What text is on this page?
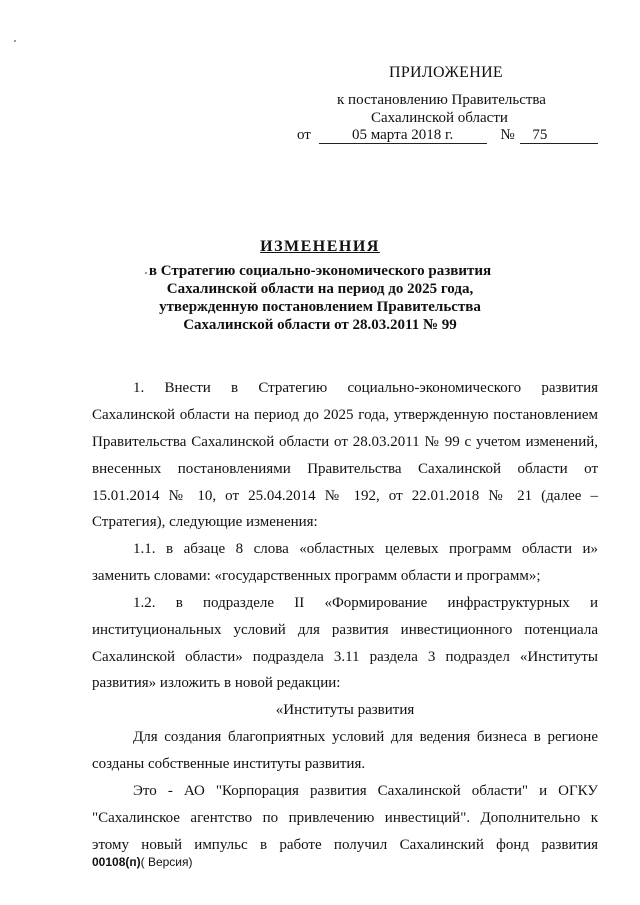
ПРИЛОЖЕНИЕ
к постановлению Правительства
Сахалинской области
от	05 марта 2018 г.	№ 75
ИЗМЕНЕНИЯ
в Стратегию социально-экономического развития
Сахалинской области на период до 2025 года,
утвержденную постановлением Правительства
Сахалинской области от 28.03.2011 № 99
1. Внести в Стратегию социально-экономического развития
Сахалинской области на период до 2025 года, утвержденную постановлением
Правительства Сахалинской области от 28.03.2011 № 99 с учетом изменений,
внесенных постановлениями Правительства Сахалинской области от
15.01.2014 № 10, от 25.04.2014 № 192, от 22.01.2018 № 21 (далее –
Стратегия), следующие изменения:
1.1. в абзаце 8 слова «областных целевых программ области и»
заменить словами: «государственных программ области и программ»;
1.2. в подразделе II «Формирование инфраструктурных и
институциональных условий для развития инвестиционного потенциала
Сахалинской области» подраздела 3.11 раздела 3 подраздел «Институты
развития» изложить в новой редакции:
«Институты развития
Для создания благоприятных условий для ведения бизнеса в регионе
созданы собственные институты развития.
Это - АО "Корпорация развития Сахалинской области" и ОГКУ
"Сахалинское агентство по привлечению инвестиций". Дополнительно к
этому новый импульс в работе получил Сахалинский фонд развития
00108(п)( Версия)
